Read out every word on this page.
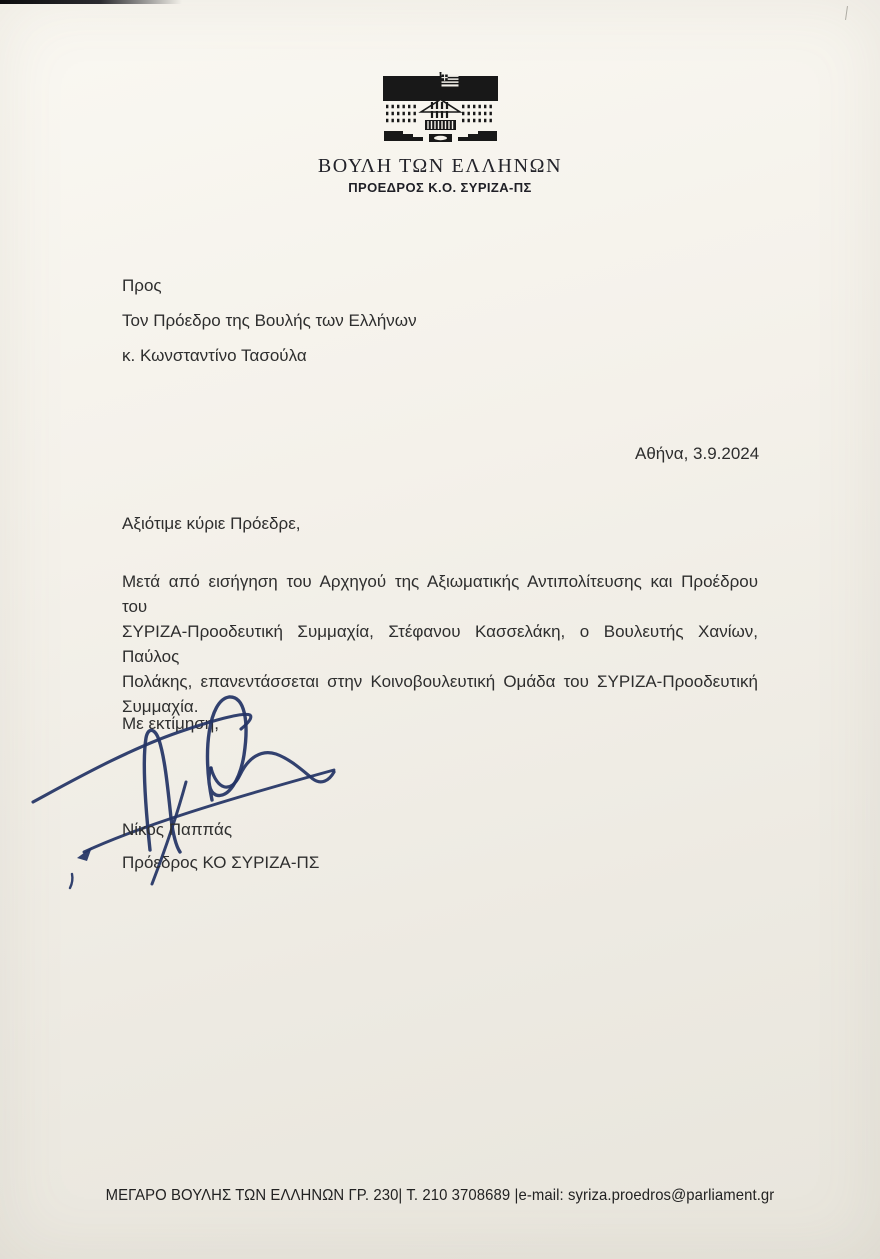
ΒΟΥΛΗ ΤΩΝ ΕΛΛΗΝΩΝ
ΠΡΟΕΔΡΟΣ Κ.Ο. ΣΥΡΙΖΑ-ΠΣ
Προς
Τον Πρόεδρο της Βουλής των Ελλήνων
κ. Κωνσταντίνο Τασούλα
Αθήνα, 3.9.2024
Αξιότιμε κύριε Πρόεδρε,
Μετά από εισήγηση του Αρχηγού της Αξιωματικής Αντιπολίτευσης και Προέδρου του
ΣΥΡΙΖΑ-Προοδευτική Συμμαχία, Στέφανου Κασσελάκη, ο Βουλευτής Χανίων, Παύλος
Πολάκης, επανεντάσσεται στην Κοινοβουλευτική Ομάδα του ΣΥΡΙΖΑ-Προοδευτική
Συμμαχία.
Με εκτίμηση,
Νίκος Παππάς
Πρόεδρος ΚΟ ΣΥΡΙΖΑ-ΠΣ
ΜΕΓΑΡΟ ΒΟΥΛΗΣ ΤΩΝ ΕΛΛΗΝΩΝ ΓΡ. 230| Τ. 210 3708689 |e-mail: syriza.proedros@parliament.gr
